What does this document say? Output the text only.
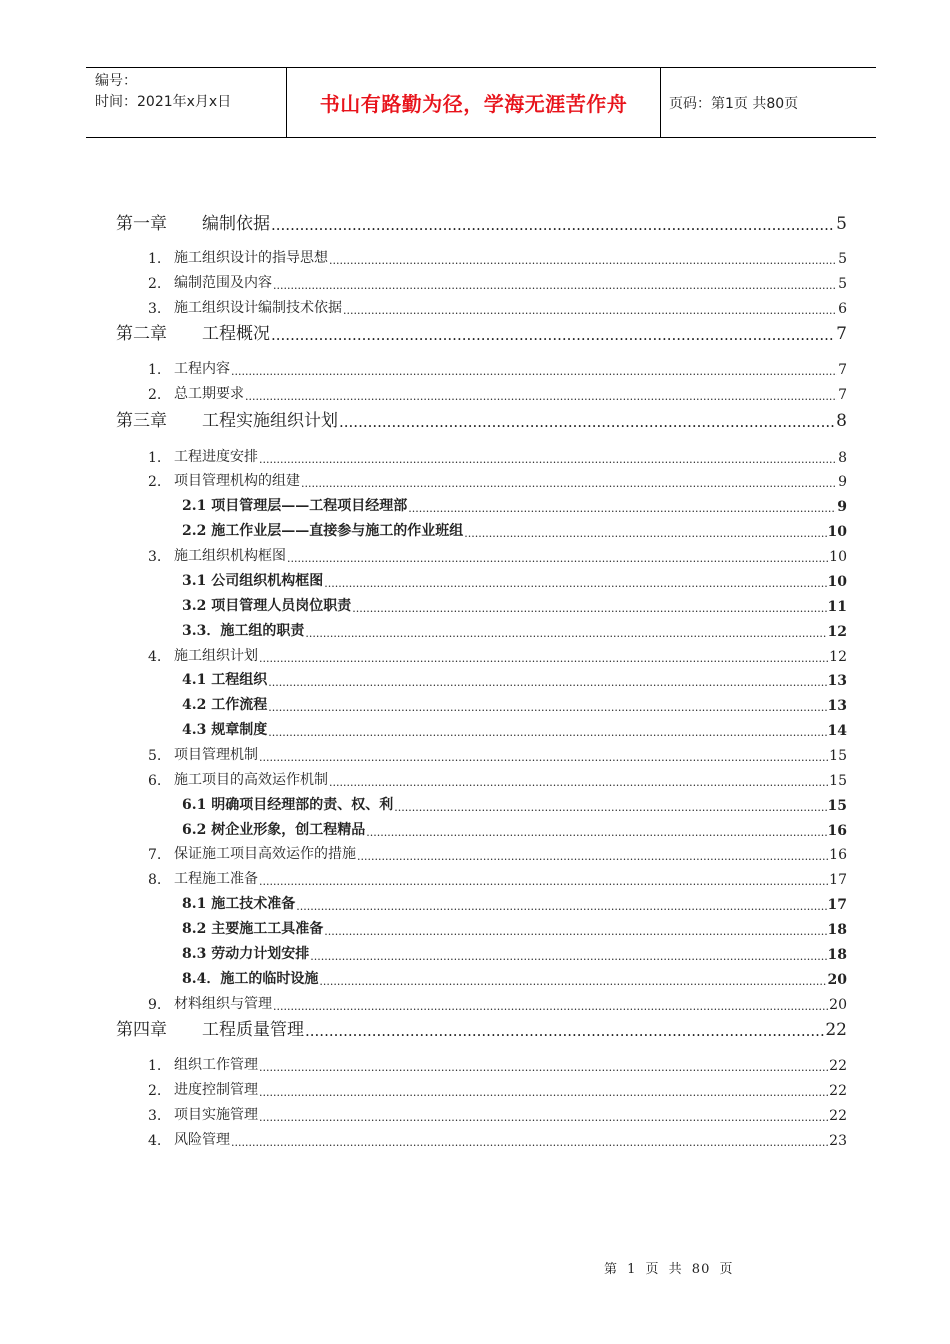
编号：
时间：2021年x月x日	书山有路勤为径，学海无涯苦作舟	页码：第1页 共80页
第一章	编制依据 .....	5
1. 施工组织设计的指导思想 .....	5
2. 编制范围及内容 .....	5
3. 施工组织设计编制技术依据 .....	6
第二章	工程概况 .....	7
1. 工程内容 .....	7
2. 总工期要求 .....	7
第三章	工程实施组织计划 .....	8
1. 工程进度安排 .....	8
2. 项目管理机构的组建 .....	9
2.1 项目管理层——工程项目经理部 .....	9
2.2 施工作业层——直接参与施工的作业班组 .....	10
3. 施工组织机构框图 .....	10
3.1 公司组织机构框图 .....	10
3.2 项目管理人员岗位职责 .....	11
3.3．施工组的职责 .....	12
4. 施工组织计划 .....	12
4.1 工程组织 .....	13
4.2 工作流程 .....	13
4.3 规章制度 .....	14
5. 项目管理机制 .....	15
6. 施工项目的高效运作机制 .....	15
6.1 明确项目经理部的责、权、利 .....	15
6.2 树企业形象，创工程精品 .....	16
7. 保证施工项目高效运作的措施 .....	16
8. 工程施工准备 .....	17
8.1 施工技术准备 .....	17
8.2 主要施工工具准备 .....	18
8.3 劳动力计划安排 .....	18
8.4．施工的临时设施 .....	20
9. 材料组织与管理 .....	20
第四章	工程质量管理 .....	22
1. 组织工作管理 .....	22
2. 进度控制管理 .....	22
3. 项目实施管理 .....	22
4. 风险管理 .....	23
第 1 页 共 80 页
